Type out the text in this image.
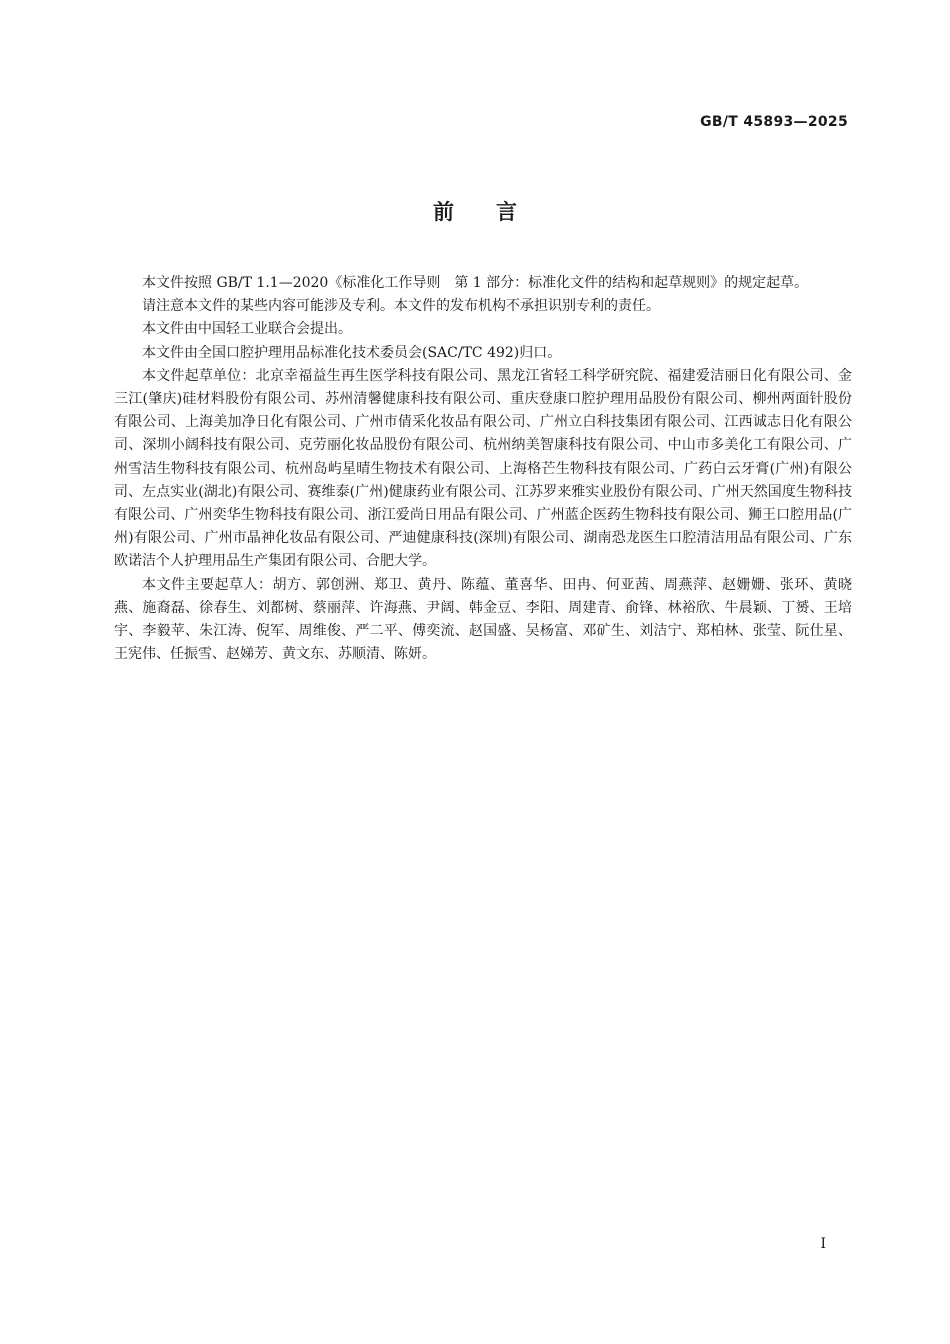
GB/T 45893—2025
前言

本文件按照 GB/T 1.1—2020《标准化工作导则　第 1 部分：标准化文件的结构和起草规则》的规定起草。

请注意本文件的某些内容可能涉及专利。本文件的发布机构不承担识别专利的责任。

本文件由中国轻工业联合会提出。

本文件由全国口腔护理用品标准化技术委员会(SAC/TC 492)归口。

本文件起草单位：北京幸福益生再生医学科技有限公司、黑龙江省轻工科学研究院、福建爱洁丽日化有限公司、金三江(肇庆)硅材料股份有限公司、苏州清馨健康科技有限公司、重庆登康口腔护理用品股份有限公司、柳州两面针股份有限公司、上海美加净日化有限公司、广州市倩采化妆品有限公司、广州立白科技集团有限公司、江西诚志日化有限公司、深圳小阔科技有限公司、克劳丽化妆品股份有限公司、杭州纳美智康科技有限公司、中山市多美化工有限公司、广州雪洁生物科技有限公司、杭州岛屿星晴生物技术有限公司、上海格芒生物科技有限公司、广药白云牙膏(广州)有限公司、左点实业(湖北)有限公司、赛维泰(广州)健康药业有限公司、江苏罗来雅实业股份有限公司、广州天然国度生物科技有限公司、广州奕华生物科技有限公司、浙江爱尚日用品有限公司、广州蓝企医药生物科技有限公司、狮王口腔用品(广州)有限公司、广州市晶神化妆品有限公司、严迪健康科技(深圳)有限公司、湖南恐龙医生口腔清洁用品有限公司、广东欧诺洁个人护理用品生产集团有限公司、合肥大学。

本文件主要起草人：胡方、郭创洲、郑卫、黄丹、陈蕴、董喜华、田冉、何亚茜、周燕萍、赵姗姗、张环、黄晓燕、施裔磊、徐春生、刘都树、蔡丽萍、许海燕、尹阔、韩金豆、李阳、周建青、俞锋、林裕欣、牛晨颖、丁赟、王培宇、李毅苹、朱江涛、倪军、周维俊、严二平、傅奕流、赵国盛、吴杨富、邓矿生、刘洁宁、郑柏林、张莹、阮仕星、王宪伟、任振雪、赵娣芳、黄文东、苏顺清、陈妍。

I
